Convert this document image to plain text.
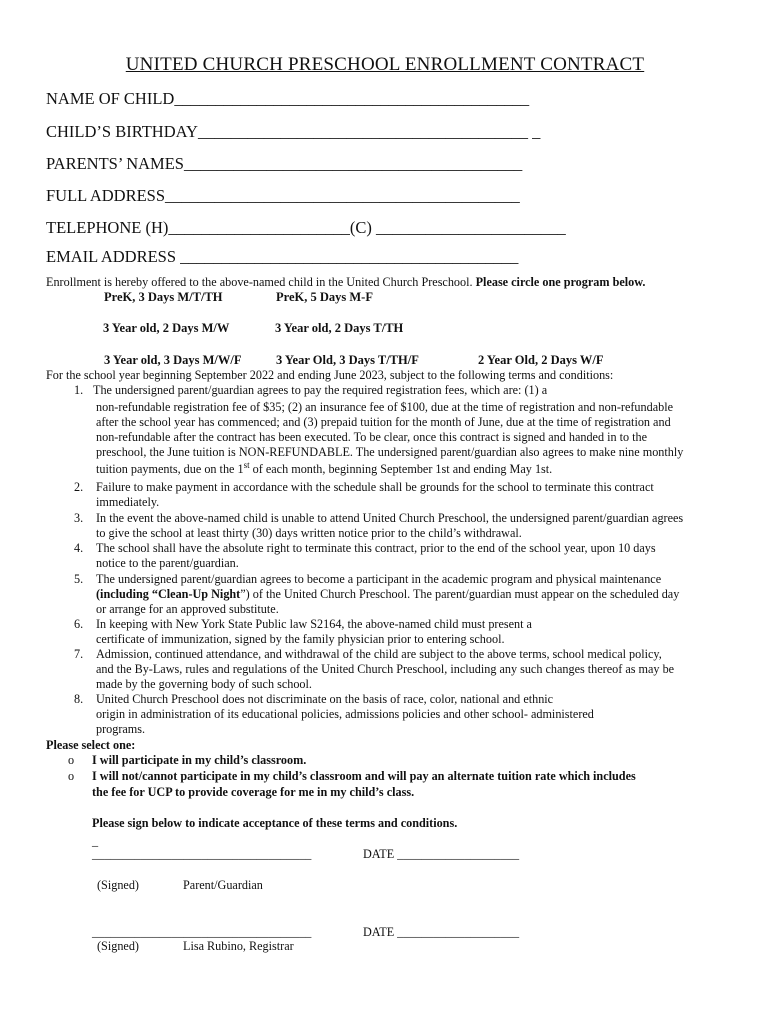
UNITED CHURCH PRESCHOOL ENROLLMENT CONTRACT
NAME OF CHILD___________________________________________
CHILD’S BIRTHDAY________________________________________ _
PARENTS’ NAMES_________________________________________
FULL ADDRESS___________________________________________
TELEPHONE (H)______________________(C) _______________________
EMAIL ADDRESS _________________________________________
Enrollment is hereby offered to the above-named child in the United Church Preschool. Please circle one program below.
PreK, 3 Days M/T/TH	PreK, 5 Days M-F
3 Year old, 2 Days M/W	3 Year old, 2 Days T/TH
3 Year old, 3 Days M/W/F	3 Year Old, 3 Days T/TH/F	2 Year Old, 2 Days W/F
For the school year beginning September 2022 and ending June 2023, subject to the following terms and conditions:
1. The undersigned parent/guardian agrees to pay the required registration fees, which are: (1) a
non-refundable registration fee of $35; (2) an insurance fee of $100, due at the time of registration and non-refundable
after the school year has commenced; and (3) prepaid tuition for the month of June, due at the time of registration and
non-refundable after the contract has been executed. To be clear, once this contract is signed and handed in to the
preschool, the June tuition is NON-REFUNDABLE. The undersigned parent/guardian also agrees to make nine monthly
tuition payments, due on the 1st of each month, beginning September 1st and ending May 1st.
2. Failure to make payment in accordance with the schedule shall be grounds for the school to terminate this contract
immediately.
3. In the event the above-named child is unable to attend United Church Preschool, the undersigned parent/guardian agrees
to give the school at least thirty (30) days written notice prior to the child’s withdrawal.
4. The school shall have the absolute right to terminate this contract, prior to the end of the school year, upon 10 days
notice to the parent/guardian.
5. The undersigned parent/guardian agrees to become a participant in the academic program and physical maintenance
(including “Clean-Up Night”) of the United Church Preschool. The parent/guardian must appear on the scheduled day
or arrange for an approved substitute.
6. In keeping with New York State Public law S2164, the above-named child must present a
certificate of immunization, signed by the family physician prior to entering school.
7. Admission, continued attendance, and withdrawal of the child are subject to the above terms, school medical policy,
and the By-Laws, rules and regulations of the United Church Preschool, including any such changes thereof as may be
made by the governing body of such school.
8. United Church Preschool does not discriminate on the basis of race, color, national and ethnic
origin in administration of its educational policies, admissions policies and other school- administered
programs.
Please select one:
o I will participate in my child’s classroom.
o I will not/cannot participate in my child’s classroom and will pay an alternate tuition rate which includes
the fee for UCP to provide coverage for me in my child’s class.
Please sign below to indicate acceptance of these terms and conditions.
_
____________________________________	DATE ____________________
(Signed)	Parent/Guardian
____________________________________	DATE ____________________
(Signed)	Lisa Rubino, Registrar
